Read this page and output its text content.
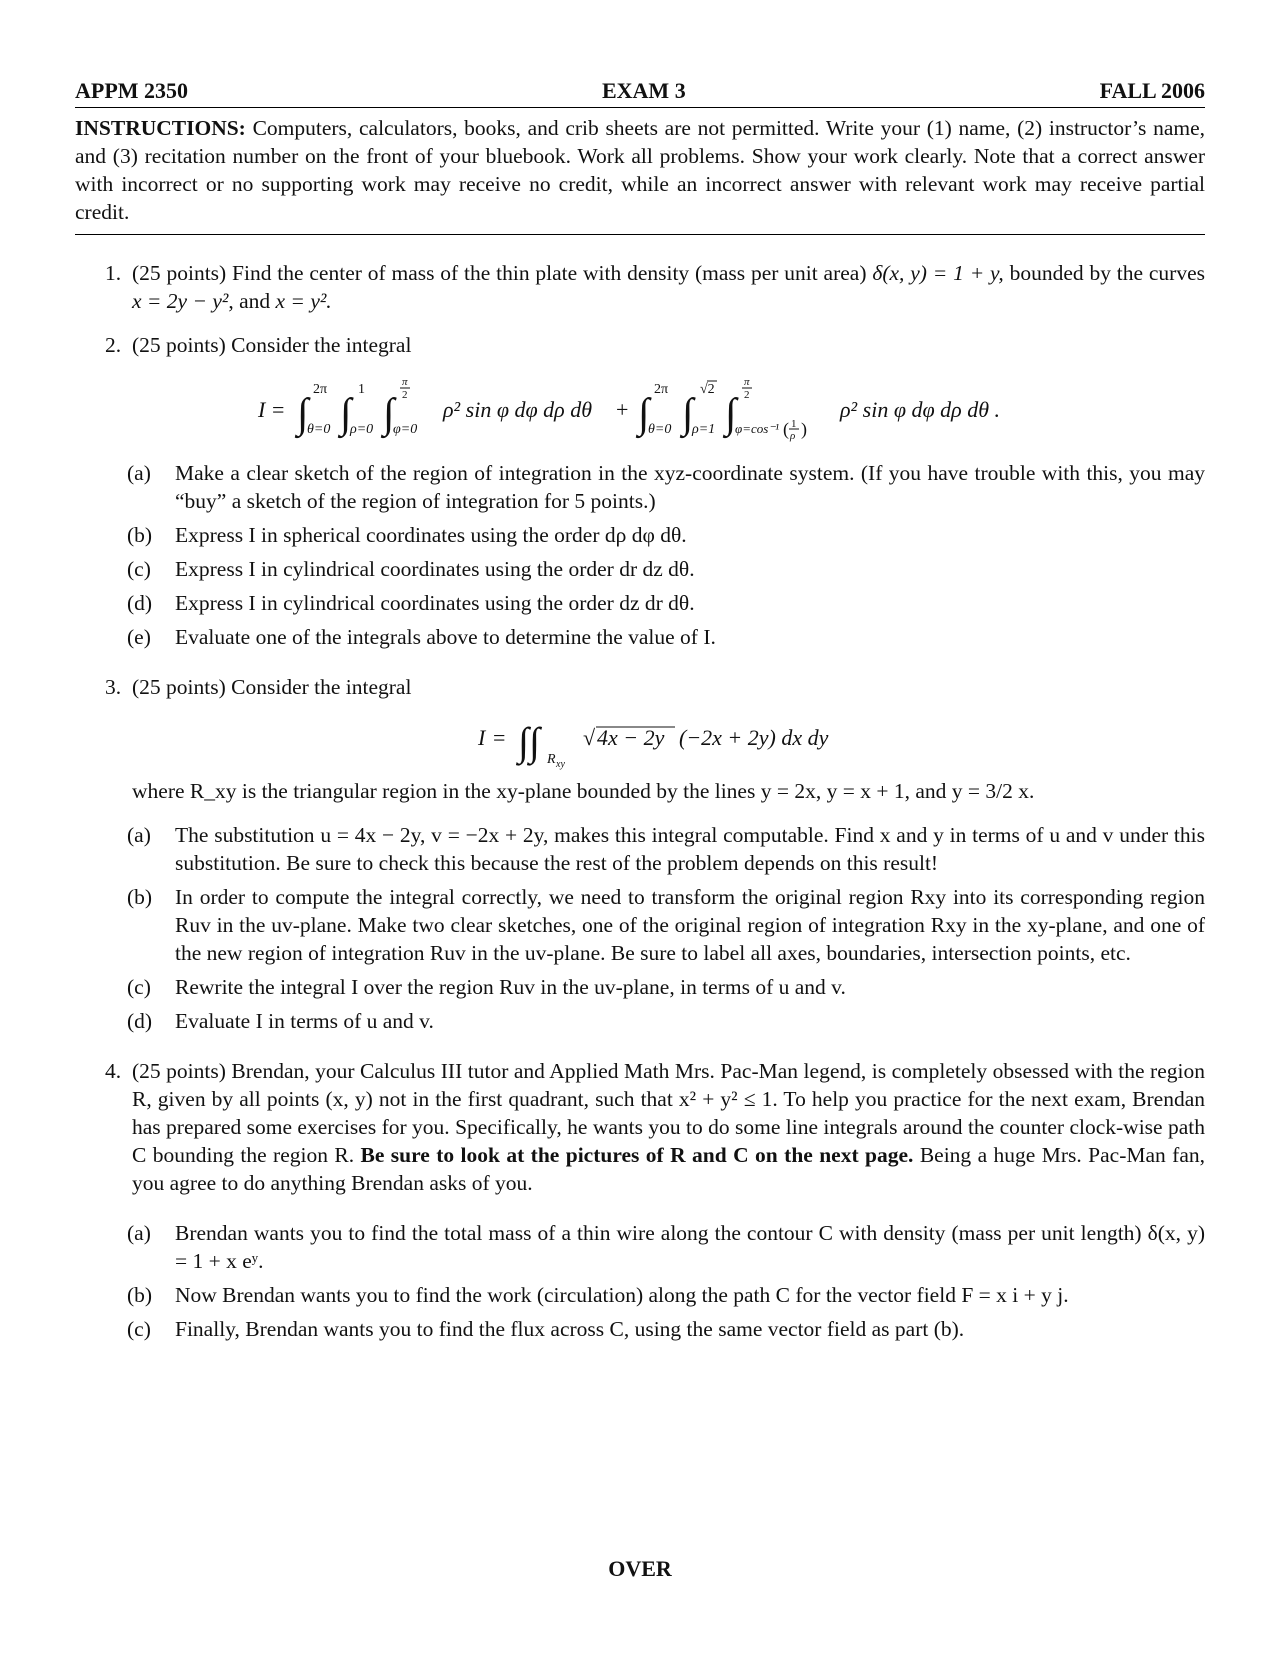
APPM 2350	EXAM 3	FALL 2006
INSTRUCTIONS: Computers, calculators, books, and crib sheets are not permitted. Write your (1) name, (2) instructor’s name, and (3) recitation number on the front of your bluebook. Work all problems. Show your work clearly. Note that a correct answer with incorrect or no supporting work may receive no credit, while an incorrect answer with relevant work may receive partial credit.
1. (25 points) Find the center of mass of the thin plate with density (mass per unit area) δ(x, y) = 1 + y, bounded by the curves x = 2y − y², and x = y².
2. (25 points) Consider the integral
I = ∫
2π
θ=0 ∫
1
ρ=0 ∫
π
2
φ=0
ρ² sin φ dφ dρ dθ + ∫
2π
θ=0 ∫
√2
ρ=1 ∫
π
2
φ=cos⁻¹ ( 1
ρ )
ρ² sin φ dφ dρ dθ .
(a) Make a clear sketch of the region of integration in the xyz-coordinate system. (If you have trouble with this, you may “buy” a sketch of the region of integration for 5 points.)
(b) Express I in spherical coordinates using the order dρ dφ dθ.
(c) Express I in cylindrical coordinates using the order dr dz dθ.
(d) Express I in cylindrical coordinates using the order dz dr dθ.
(e) Evaluate one of the integrals above to determine the value of I.
3. (25 points) Consider the integral
I = ∫∫ R xy
√ 4x − 2y (−2x + 2y) dx dy
where R_xy is the triangular region in the xy-plane bounded by the lines y = 2x, y = x + 1, and y = 3/2 x.
(a) The substitution u = 4x − 2y, v = −2x + 2y, makes this integral computable. Find x and y in terms of u and v under this substitution. Be sure to check this because the rest of the problem depends on this result!
(b) In order to compute the integral correctly, we need to transform the original region Rxy into its corresponding region Ruv in the uv-plane. Make two clear sketches, one of the original region of integration Rxy in the xy-plane, and one of the new region of integration Ruv in the uv-plane. Be sure to label all axes, boundaries, intersection points, etc.
(c) Rewrite the integral I over the region Ruv in the uv-plane, in terms of u and v.
(d) Evaluate I in terms of u and v.
4. (25 points) Brendan, your Calculus III tutor and Applied Math Mrs. Pac-Man legend, is completely obsessed with the region R, given by all points (x, y) not in the first quadrant, such that x² + y² ≤ 1. To help you practice for the next exam, Brendan has prepared some exercises for you. Specifically, he wants you to do some line integrals around the counter clock-wise path C bounding the region R. Be sure to look at the pictures of R and C on the next page. Being a huge Mrs. Pac-Man fan, you agree to do anything Brendan asks of you.
(a) Brendan wants you to find the total mass of a thin wire along the contour C with density (mass per unit length) δ(x, y) = 1 + x eʸ.
(b) Now Brendan wants you to find the work (circulation) along the path C for the vector field F = x i + y j.
(c) Finally, Brendan wants you to find the flux across C, using the same vector field as part (b).
OVER
